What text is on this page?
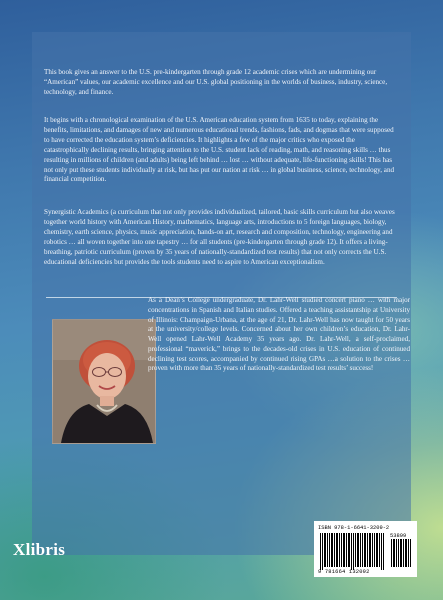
This book gives an answer to the U.S. pre-kindergarten through grade 12 academic crises which are undermining our “American” values, our academic excellence and our U.S. global positioning in the worlds of business, industry, science, technology, and finance.

It begins with a chronological examination of the U.S. American education system from 1635 to today, explaining the benefits, limitations, and damages of new and numerous educational trends, fashions, fads, and dogmas that were supposed to have corrected the education system’s deficiencies. It highlights a few of the major critics who exposed the catastrophically declining results, bringing attention to the U.S. student lack of reading, math, and reasoning skills … thus resulting in millions of children (and adults) being left behind … lost … without adequate, life-functioning skills! This has not only put these students individually at risk, but has put our nation at risk … in global business, science, technology, and financial competition.

Synergistic Academics (a curriculum that not only provides individualized, tailored, basic skills curriculum but also weaves together world history with American History, mathematics, language arts, introductions to 5 foreign languages, biology, chemistry, earth science, physics, music appreciation, hands-on art, research and composition, technology, engineering and robotics … all woven together into one tapestry … for all students (pre-kindergarten through grade 12). It offers a living-breathing, patriotic curriculum (proven by 35 years of nationally-standardized test results) that not only corrects the U.S. educational deficiencies but provides the tools students need to aspire to American exceptionalism.

As a Dean’s College undergraduate, Dr. Lahr-Well studied concert piano … with major concentrations in Spanish and Italian studies. Offered a teaching assistantship at University of Illinois: Champaign-Urbana, at the age of 21, Dr. Lahr-Well has now taught for 50 years at the university/college levels. Concerned about her own children’s education, Dr. Lahr-Well opened Lahr-Well Academy 35 years ago. Dr. Lahr-Well, a self-proclaimed, professional “maverick,” brings to the decades-old crises in U.S. education of continued declining test scores, accompanied by continued rising GPAs …a solution to the crises … proven with more than 35 years of nationally-standardized test results’ success!

Xlibris

ISBN 978-1-6641-3209-2

53899

9 781664 132092
